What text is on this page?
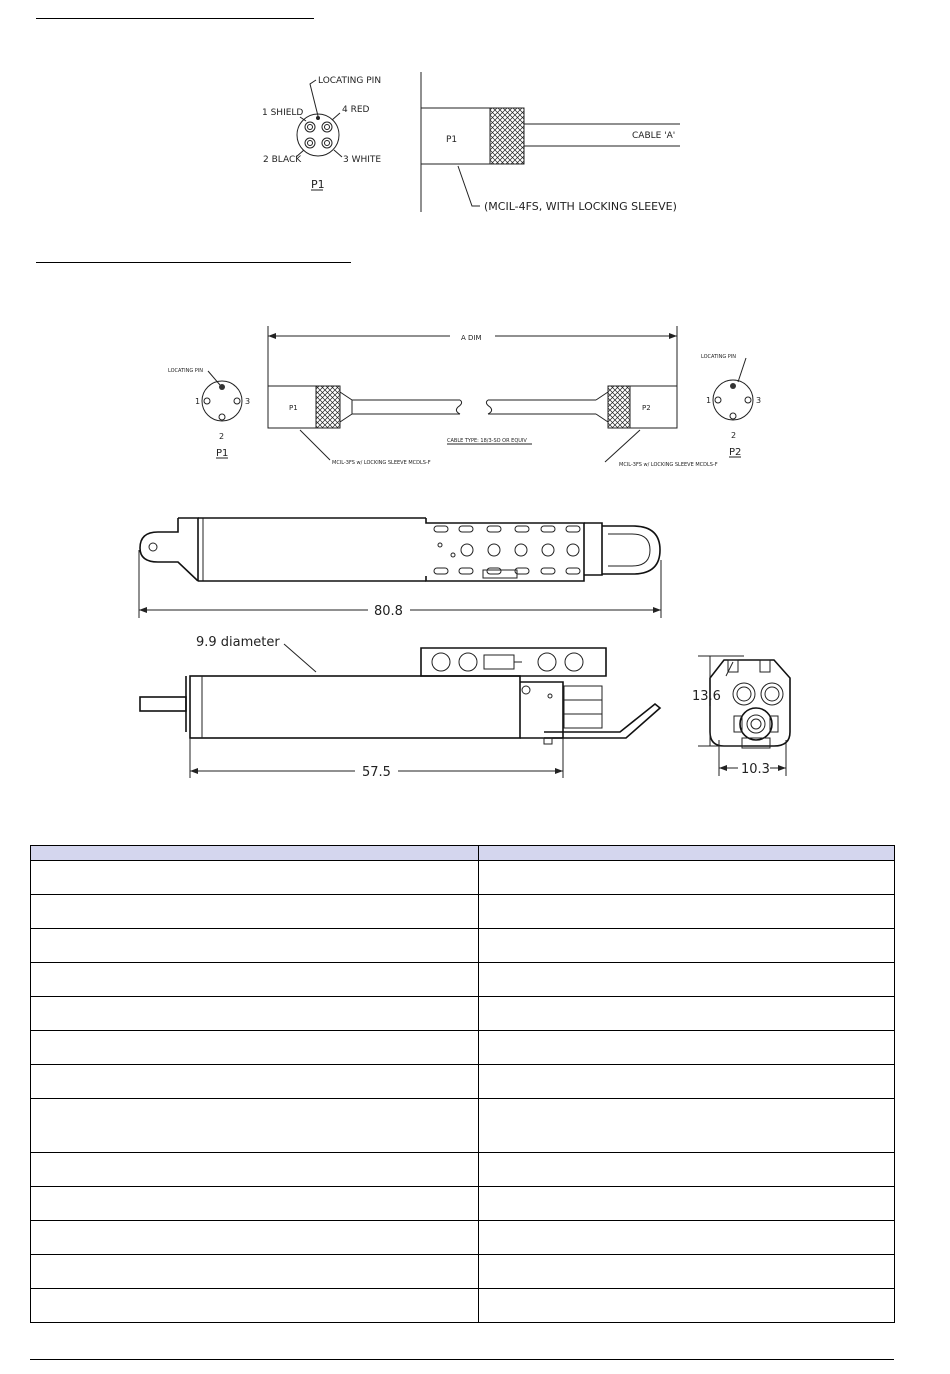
LOCATING PIN
1 SHIELD	4 RED
2 BLACK	3 WHITE
P1
P1	CABLE 'A'
(MCIL-4FS, WITH LOCKING SLEEVE)
A DIM
LOCATING PIN
1	3
2
P1
P1	P2
CABLE TYPE: 18/3-SO OR EQUIV
MCIL-3FS w/ LOCKING SLEEVE MCDLS-F	MCIL-3FS w/ LOCKING SLEEVE MCDLS-F
LOCATING PIN
1	3
2
P2
80.8
9.9 diameter
57.5
13.6
10.3
